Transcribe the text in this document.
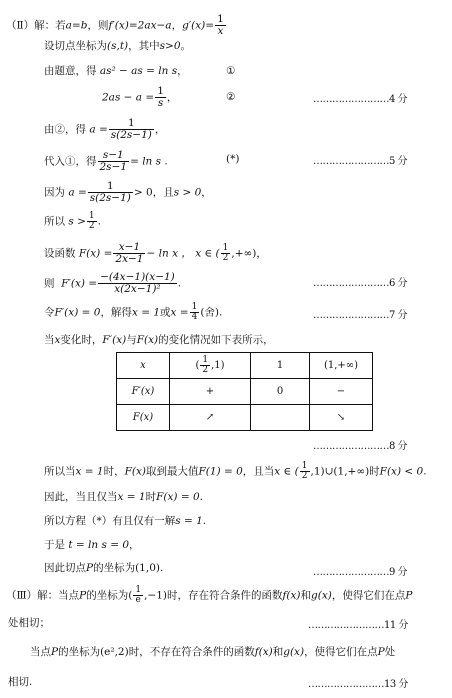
（Ⅱ）解：若a=b，则f′(x)=2ax−a，$g'(x)= \frac{1}{x}$
设切点坐标为(s,t)，其中s>0。
由题意，得 as² − as = ln s，	①
$2as - a = \frac{1}{s}$ ，	②	……………………4 分
由②，得 $a = \frac{1}{s(2s-1)}$ ，
代入①，得 $\frac{s-1}{2s-1} = \ln s$ .	(*)	……………………5 分
因为 $a = \frac{1}{s(2s-1)} > 0$，且s > 0，
所以 $s > \frac{1}{2}$ .
设函数 $F(x) = \frac{x-1}{2x-1} - \ln x$ ， x ∈ ( $\frac{1}{2}$ ,+∞)，
则 $F'(x) = \frac{-(4x-1)(x-1)}{\text{x(2x−1)²}}$ .	……………………6 分
令F′(x) = 0，解得x = 1或$x = \frac{1}{4}$ (舍).	……………………7 分
当x变化时，F′(x)与F(x)的变化情况如下表所示，
x	( $\frac{1}{2} ,1$)	1	(1,+∞)
F′(x)	+	0	−
F(x)	↗		↘
……………………8 分
所以当x = 1时，F(x)取到最大值F(1) = 0，且当x ∈ ( $\frac{1}{2}$ ,1)∪(1,+∞)时F(x) < 0.
因此，当且仅当x = 1时F(x) = 0.
所以方程（*）有且仅有一解s = 1.
于是 t = ln s = 0，
因此切点P的坐标为(1,0).	……………………9 分
（Ⅲ）解：当点P的坐标为( $\frac{1}{e} ,-1$)时，存在符合条件的函数f(x)和g(x)，使得它们在点P
处相切；	……………………11 分
当点P的坐标为(e²,2)时，不存在符合条件的函数f(x)和g(x)，使得它们在点P处
相切.	……………………13 分
